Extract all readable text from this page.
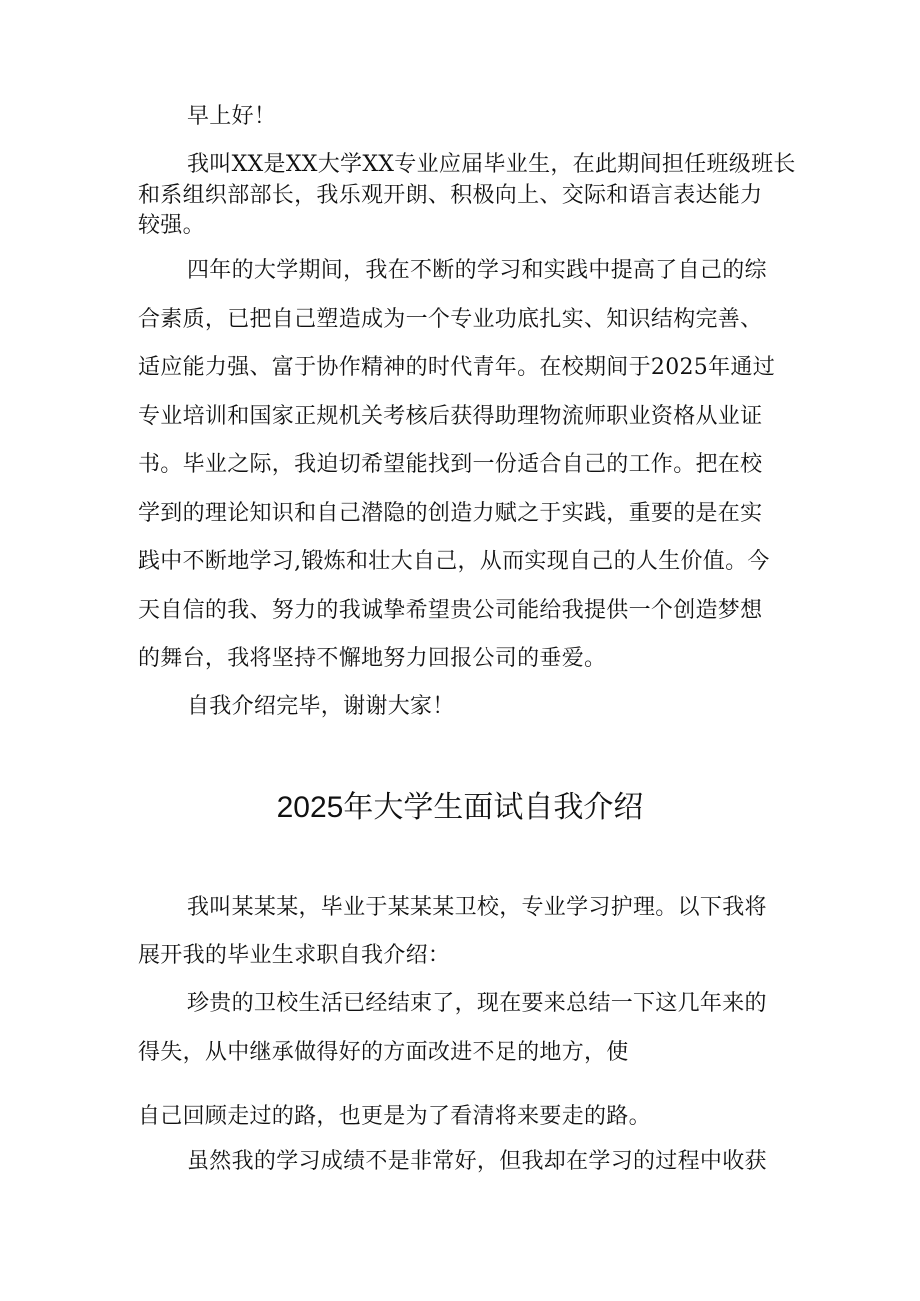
早上好！
我叫XX是XX大学XX专业应届毕业生，在此期间担任班级班长
和系组织部部长，我乐观开朗、积极向上、交际和语言表达能力
较强。
四年的大学期间，我在不断的学习和实践中提高了自己的综
合素质，已把自己塑造成为一个专业功底扎实、知识结构完善、
适应能力强、富于协作精神的时代青年。在校期间于2025年通过
专业培训和国家正规机关考核后获得助理物流师职业资格从业证
书。毕业之际，我迫切希望能找到一份适合自己的工作。把在校
学到的理论知识和自己潜隐的创造力赋之于实践，重要的是在实
践中不断地学习,锻炼和壮大自己，从而实现自己的人生价值。今
天自信的我、努力的我诚挚希望贵公司能给我提供一个创造梦想
的舞台，我将坚持不懈地努力回报公司的垂爱。
自我介绍完毕，谢谢大家！
2025年大学生面试自我介绍
我叫某某某，毕业于某某某卫校，专业学习护理。以下我将
展开我的毕业生求职自我介绍：
珍贵的卫校生活已经结束了，现在要来总结一下这几年来的
得失，从中继承做得好的方面改进不足的地方，使
自己回顾走过的路，也更是为了看清将来要走的路。
虽然我的学习成绩不是非常好，但我却在学习的过程中收获
